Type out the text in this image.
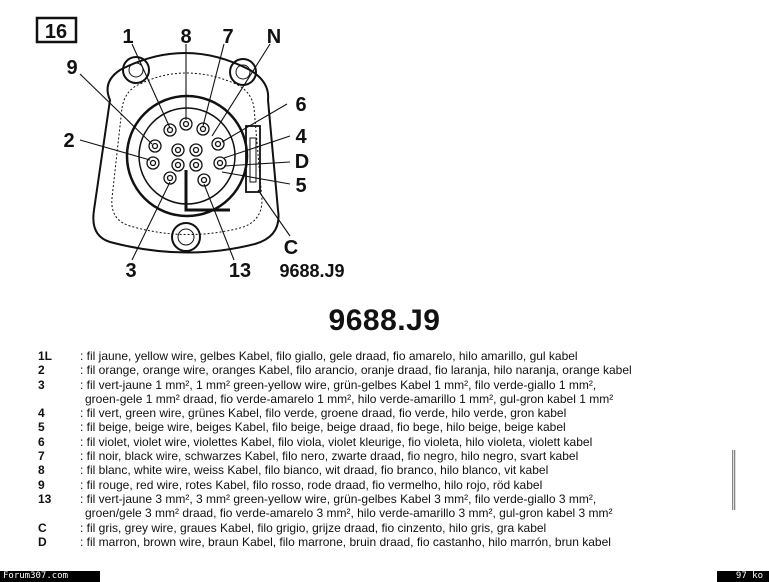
16	1 8 7 N
9
6
2	4
D
5
C
3	13 9688.J9
9688.J9
1L	: fil jaune, yellow wire, gelbes Kabel, filo giallo, gele draad, fio amarelo, hilo amarillo, gul kabel
2	: fil orange, orange wire, oranges Kabel, filo arancio, oranje draad, fio laranja, hilo naranja, orange kabel
3	: fil vert-jaune 1 mm², 1 mm² green-yellow wire, grün-gelbes Kabel 1 mm², filo verde-giallo 1 mm²,
groen-gele 1 mm² draad, fio verde-amarelo 1 mm², hilo verde-amarillo 1 mm², gul-gron kabel 1 mm²
4	: fil vert, green wire, grünes Kabel, filo verde, groene draad, fio verde, hilo verde, gron kabel
5	: fil beige, beige wire, beiges Kabel, filo beige, beige draad, fio bege, hilo beige, beige kabel
6	: fil violet, violet wire, violettes Kabel, filo viola, violet kleurige, fio violeta, hilo violeta, violett kabel
7	: fil noir, black wire, schwarzes Kabel, filo nero, zwarte draad, fio negro, hilo negro, svart kabel
8	: fil blanc, white wire, weiss Kabel, filo bianco, wit draad, fio branco, hilo blanco, vit kabel
9	: fil rouge, red wire, rotes Kabel, filo rosso, rode draad, fio vermelho, hilo rojo, röd kabel
13	: fil vert-jaune 3 mm², 3 mm² green-yellow wire, grün-gelbes Kabel 3 mm², filo verde-giallo 3 mm²,
groen/gele 3 mm² draad, fio verde-amarelo 3 mm², hilo verde-amarillo 3 mm², gul-gron kabel 3 mm²
C	: fil gris, grey wire, graues Kabel, filo grigio, grijze draad, fio cinzento, hilo gris, gra kabel
D	: fil marron, brown wire, braun Kabel, filo marrone, bruin draad, fio castanho, hilo marrón, brun kabel
Forum307.com	97 ko
